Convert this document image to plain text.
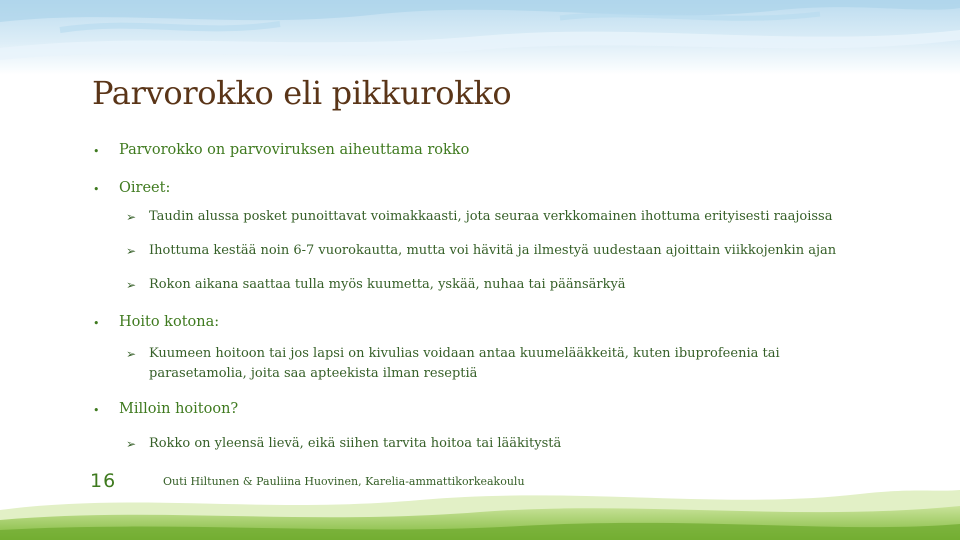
Parvorokko eli pikkurokko
• Parvorokko on parvoviruksen aiheuttama rokko
• Oireet:
➢ Taudin alussa posket punoittavat voimakkaasti, jota seuraa verkkomainen ihottuma erityisesti raajoissa
➢ Ihottuma kestää noin 6-7 vuorokautta, mutta voi hävitä ja ilmestyä uudestaan ajoittain viikkojenkin ajan
➢ Rokon aikana saattaa tulla myös kuumetta, yskää, nuhaa tai päänsärkyä
• Hoito kotona:
➢ Kuumeen hoitoon tai jos lapsi on kivulias voidaan antaa kuumelääkkeitä, kuten ibuprofeenia tai parasetamolia, joita saa apteekista ilman reseptiä
• Milloin hoitoon?
➢ Rokko on yleensä lievä, eikä siihen tarvita hoitoa tai lääkitystä
16	Outi Hiltunen & Pauliina Huovinen, Karelia-ammattikorkeakoulu
